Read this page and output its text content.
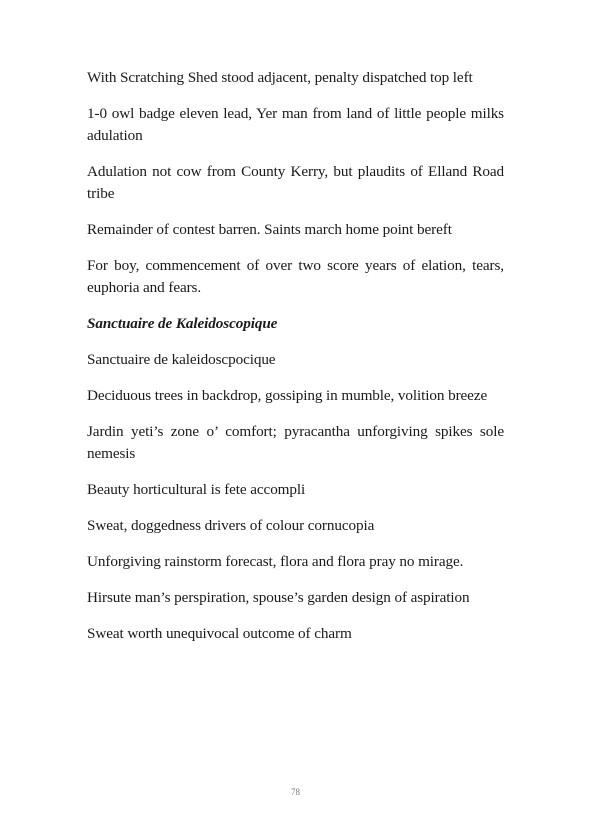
With Scratching Shed stood adjacent, penalty dispatched top left

1-0 owl badge eleven lead, Yer man from land of little people milks adulation

Adulation not cow from County Kerry, but plaudits of Elland Road tribe

Remainder of contest barren. Saints march home point bereft

For boy, commencement of over two score years of elation, tears, euphoria and fears.

Sanctuaire de Kaleidoscopique

Sanctuaire de kaleidoscpocique

Deciduous trees in backdrop, gossiping in mumble, volition breeze

Jardin yeti’s zone o’ comfort; pyracantha unforgiving spikes sole nemesis

Beauty horticultural is fete accompli

Sweat, doggedness drivers of colour cornucopia

Unforgiving rainstorm forecast, flora and flora pray no mirage.

Hirsute man’s perspiration, spouse’s garden design of aspiration

Sweat worth unequivocal outcome of charm

78
